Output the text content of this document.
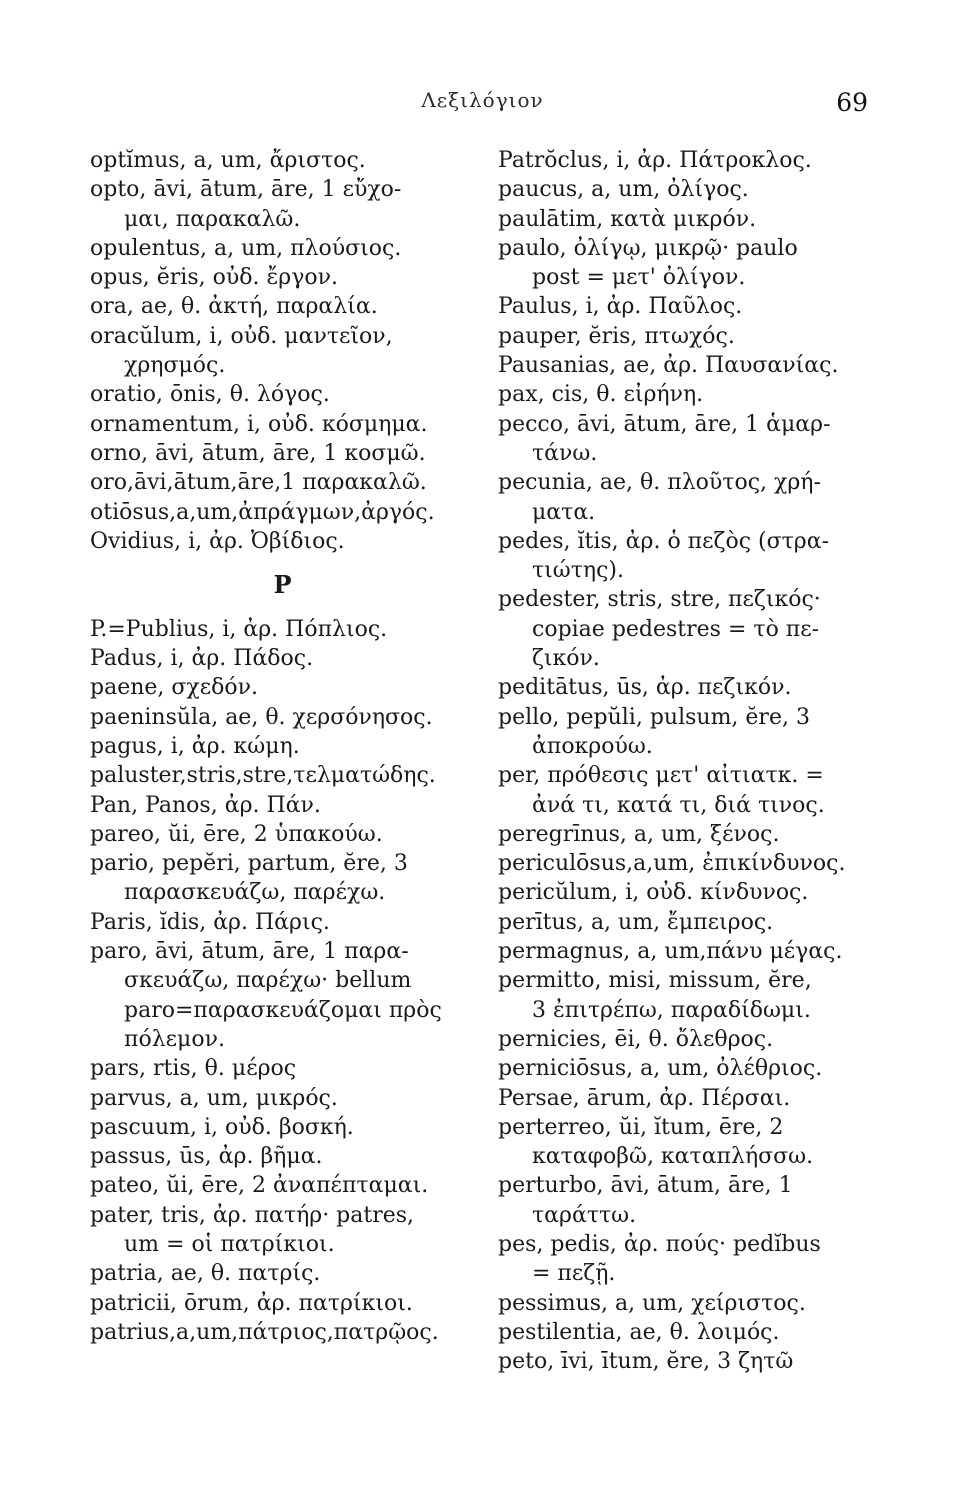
Λεξιλόγιον	69
optĭmus, a, um, ἄριστος.
opto, āvi, ātum, āre, 1 εὔχο-
μαι, παρακαλῶ.
opulentus, a, um, πλούσιος.
opus, ĕris, οὐδ. ἔργον.
ora, ae, θ. ἀκτή, παραλία.
oracŭlum, i, οὐδ. μαντεῖον,
χρησμός.
oratio, ōnis, θ. λόγος.
ornamentum, i, οὐδ. κόσμημα.
orno, āvi, ātum, āre, 1 κοσμῶ.
oro,āvi,ātum,āre,1 παρακαλῶ.
otiōsus,a,um,ἀπράγμων,ἀργός.
Ovidius, i, ἀρ. Ὀβίδιος.
P
P.=Publius, i, ἀρ. Πόπλιος.
Padus, i, ἀρ. Πάδος.
paene, σχεδόν.
paeninsŭla, ae, θ. χερσόνησος.
pagus, i, ἀρ. κώμη.
paluster,stris,stre,τελματώδης.
Pan, Panos, ἀρ. Πάν.
pareo, ŭi, ēre, 2 ὑπακούω.
pario, pepĕri, partum, ĕre, 3
παρασκευάζω, παρέχω.
Paris, ĭdis, ἀρ. Πάρις.
paro, āvi, ātum, āre, 1 παρα-
σκευάζω, παρέχω· bellum
paro=παρασκευάζομαι πρὸς
πόλεμον.
pars, rtis, θ. μέρος
parvus, a, um, μικρός.
pascuum, i, οὐδ. βοσκή.
passus, ūs, ἀρ. βῆμα.
pateo, ŭi, ēre, 2 ἀναπέπταμαι.
pater, tris, ἀρ. πατήρ· patres,
um = οἱ πατρίκιοι.
patria, ae, θ. πατρίς.
patricii, ōrum, ἀρ. πατρίκιοι.
patrius,a,um,πάτριος,πατρῷος.
Patrŏclus, i, ἀρ. Πάτροκλος.
paucus, a, um, ὀλίγος.
paulātim, κατὰ μικρόν.
paulo, ὀλίγῳ, μικρῷ· paulo
post = μετ' ὀλίγον.
Paulus, i, ἀρ. Παῦλος.
pauper, ĕris, πτωχός.
Pausanias, ae, ἀρ. Παυσανίας.
pax, cis, θ. εἰρήνη.
pecco, āvi, ātum, āre, 1 ἁμαρ-
τάνω.
pecunia, ae, θ. πλοῦτος, χρή-
ματα.
pedes, ĭtis, ἀρ. ὁ πεζὸς (στρα-
τιώτης).
pedester, stris, stre, πεζικός·
copiae pedestres = τὸ πε-
ζικόν.
peditātus, ūs, ἀρ. πεζικόν.
pello, pepŭli, pulsum, ĕre, 3
ἀποκρούω.
per, πρόθεσις μετ' αἰτιατκ. =
ἀνά τι, κατά τι, διά τινος.
peregrīnus, a, um, ξένος.
periculōsus,a,um, ἐπικίνδυνος.
pericŭlum, i, οὐδ. κίνδυνος.
perītus, a, um, ἔμπειρος.
permagnus, a, um,πάνυ μέγας.
permitto, misi, missum, ĕre,
3 ἐπιτρέπω, παραδίδωμι.
pernicies, ēi, θ. ὄλεθρος.
perniciōsus, a, um, ὀλέθριος.
Persae, ārum, ἀρ. Πέρσαι.
perterreo, ŭi, ĭtum, ēre, 2
καταφοβῶ, καταπλήσσω.
perturbo, āvi, ātum, āre, 1
ταράττω.
pes, pedis, ἀρ. πούς· pedĭbus
= πεζῇ.
pessimus, a, um, χείριστος.
pestilentia, ae, θ. λοιμός.
peto, īvi, ītum, ĕre, 3 ζητῶ
